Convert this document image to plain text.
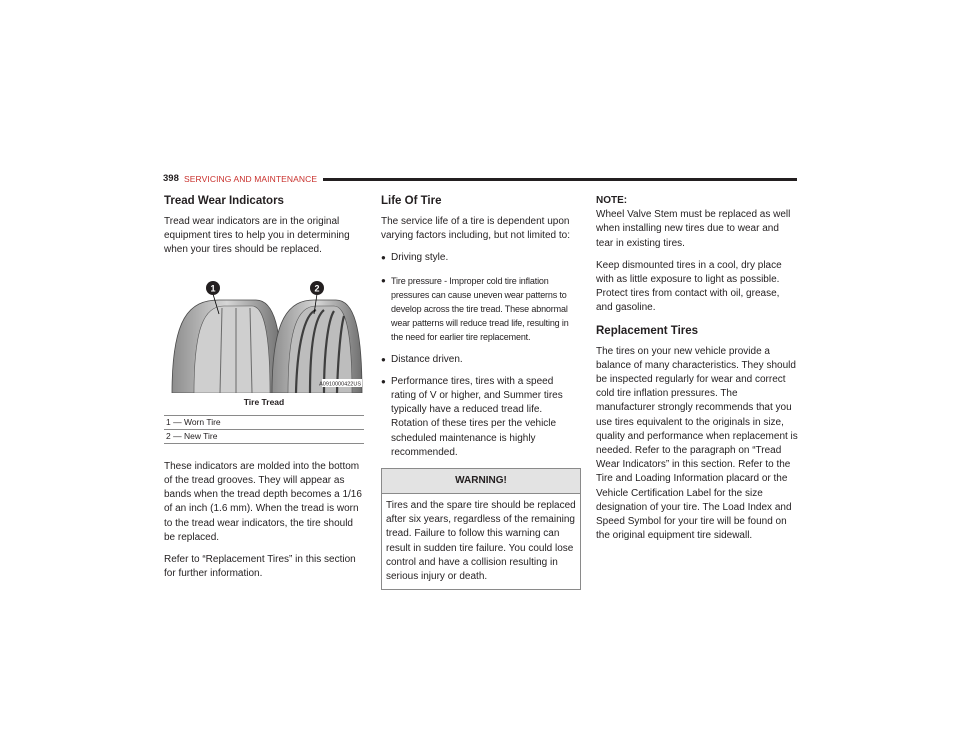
398 SERVICING AND MAINTENANCE
Tread Wear Indicators

Tread wear indicators are in the original equipment tires to help you in determining when your tires should be replaced.

1	2
A0910000422US
Tire Tread
1 — Worn Tire
2 — New Tire

These indicators are molded into the bottom of the tread grooves. They will appear as bands when the tread depth becomes a 1/16 of an inch (1.6 mm). When the tread is worn to the tread wear indicators, the tire should be replaced.

Refer to “Replacement Tires” in this section for further information.

Life Of Tire

The service life of a tire is dependent upon varying factors including, but not limited to:

● Driving style.
● Tire pressure - Improper cold tire inflation pressures can cause uneven wear patterns to develop across the tire tread. These abnormal wear patterns will reduce tread life, resulting in the need for earlier tire replacement.
● Distance driven.
● Performance tires, tires with a speed rating of V or higher, and Summer tires typically have a reduced tread life. Rotation of these tires per the vehicle scheduled maintenance is highly recommended.
WARNING!
Tires and the spare tire should be replaced after six years, regardless of the remaining tread. Failure to follow this warning can result in sudden tire failure. You could lose control and have a collision resulting in serious injury or death.
NOTE:

Wheel Valve Stem must be replaced as well when installing new tires due to wear and tear in existing tires.

Keep dismounted tires in a cool, dry place with as little exposure to light as possible. Protect tires from contact with oil, grease, and gasoline.

Replacement Tires

The tires on your new vehicle provide a balance of many characteristics. They should be inspected regularly for wear and correct cold tire inflation pressures. The manufacturer strongly recommends that you use tires equivalent to the originals in size, quality and performance when replacement is needed. Refer to the paragraph on “Tread Wear Indicators” in this section. Refer to the Tire and Loading Information placard or the Vehicle Certification Label for the size designation of your tire. The Load Index and Speed Symbol for your tire will be found on the original equipment tire sidewall.
